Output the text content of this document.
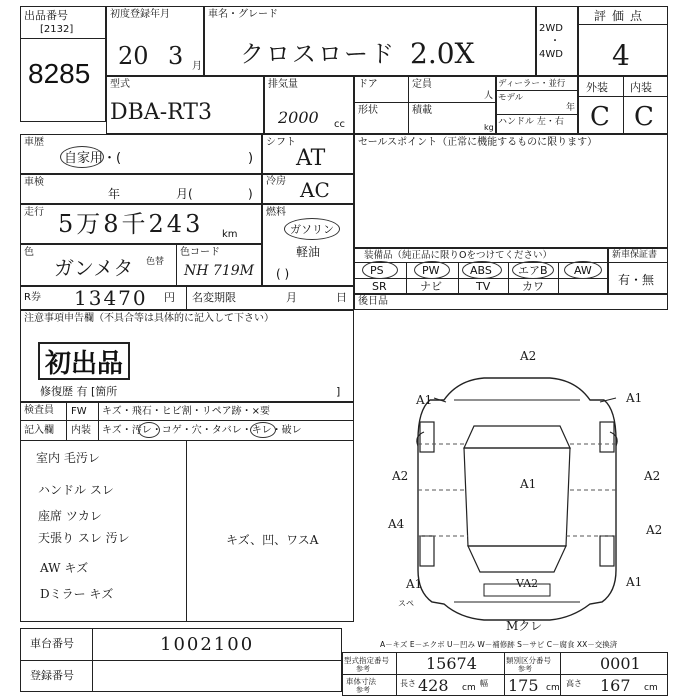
出品番号
[2132]
8285
初度登録年月
20 3 月
車名・グレード
クロスロード 2.0X
2WD
・
4WD
評価点
4
型式
DBA-RT3
排気量
2000 cc
ドア	定員
人
形状	積載
kg
ディーラー・並行
モデル
年
ハンドル 左・右
外装 内装
C C
車歴
自家用・(	)
シフト
AT
車検
年	月(	)
冷房 AC
走行 5万8千243 km
燃料
ガソリン
軽油
( )
色
ガンメタ 色替
色コード
NH 719M
R券 13470 円 名変期限	月	日
セールスポイント（正常に機能するものに限ります）
装備品（純正品に限りOをつけてください）
PS	PW	ABS エアB AW
SR	ナビ	TV	カワ
新車保証書
有・無
後日品
注意事項申告欄（不具合等は具体的に記入して下さい）
初出品
修復歴 有 [箇所	]
検査員
記入欄
FW キズ・飛石・ヒビ割・リペア跡・×要
内装 キズ・汚レ・コゲ・穴・タバレ・キレ・破レ
室内 毛汚レ
ハンドル スレ
座席 ツカレ
天張り スレ 汚レ
AW キズ
Dミラー キズ
キズ、凹、ワスA
A2
A1	A1
A1
A2	A2
A4	A2
A1	A1
VA2
スペ
Mクレ
A－キズ E－エクボ U－凹み W－補修跡 S－サビ C－腐食 XX－交換済
車台番号	1002100
登録番号
型式指定番号
参考	15674	類別区分番号
参考	0001
車体寸法
参考
長さ 428 cm 幅 175 cm 高さ 167 cm
